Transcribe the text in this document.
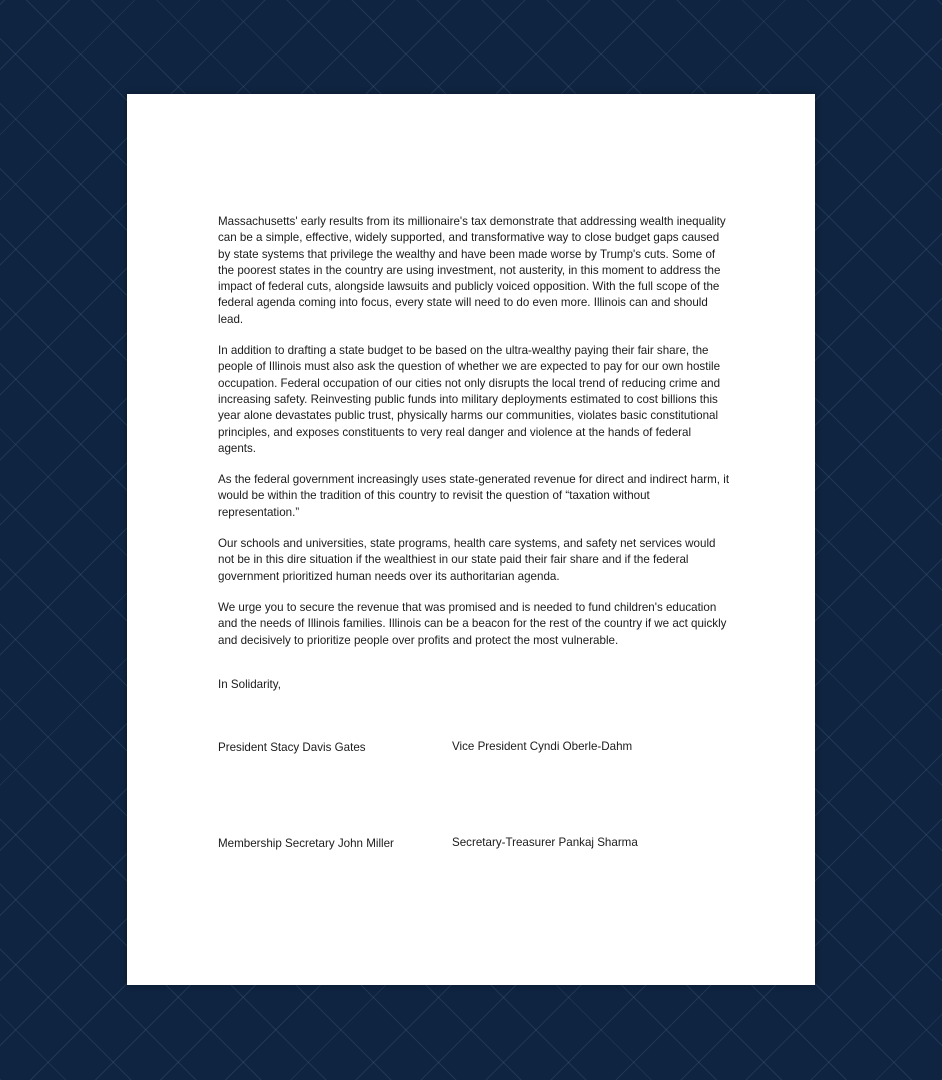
Massachusetts' early results from its millionaire's tax demonstrate that addressing wealth inequality can be a simple, effective, widely supported, and transformative way to close budget gaps caused by state systems that privilege the wealthy and have been made worse by Trump's cuts. Some of the poorest states in the country are using investment, not austerity, in this moment to address the impact of federal cuts, alongside lawsuits and publicly voiced opposition. With the full scope of the federal agenda coming into focus, every state will need to do even more. Illinois can and should lead.

In addition to drafting a state budget to be based on the ultra-wealthy paying their fair share, the people of Illinois must also ask the question of whether we are expected to pay for our own hostile occupation. Federal occupation of our cities not only disrupts the local trend of reducing crime and increasing safety. Reinvesting public funds into military deployments estimated to cost billions this year alone devastates public trust, physically harms our communities, violates basic constitutional principles, and exposes constituents to very real danger and violence at the hands of federal agents.

As the federal government increasingly uses state-generated revenue for direct and indirect harm, it would be within the tradition of this country to revisit the question of “taxation without representation.”

Our schools and universities, state programs, health care systems, and safety net services would not be in this dire situation if the wealthiest in our state paid their fair share and if the federal government prioritized human needs over its authoritarian agenda.

We urge you to secure the revenue that was promised and is needed to fund children's education and the needs of Illinois families. Illinois can be a beacon for the rest of the country if we act quickly and decisively to prioritize people over profits and protect the most vulnerable.

In Solidarity,
President Stacy Davis Gates	Vice President Cyndi Oberle-Dahm
Membership Secretary John Miller	Secretary-Treasurer Pankaj Sharma
